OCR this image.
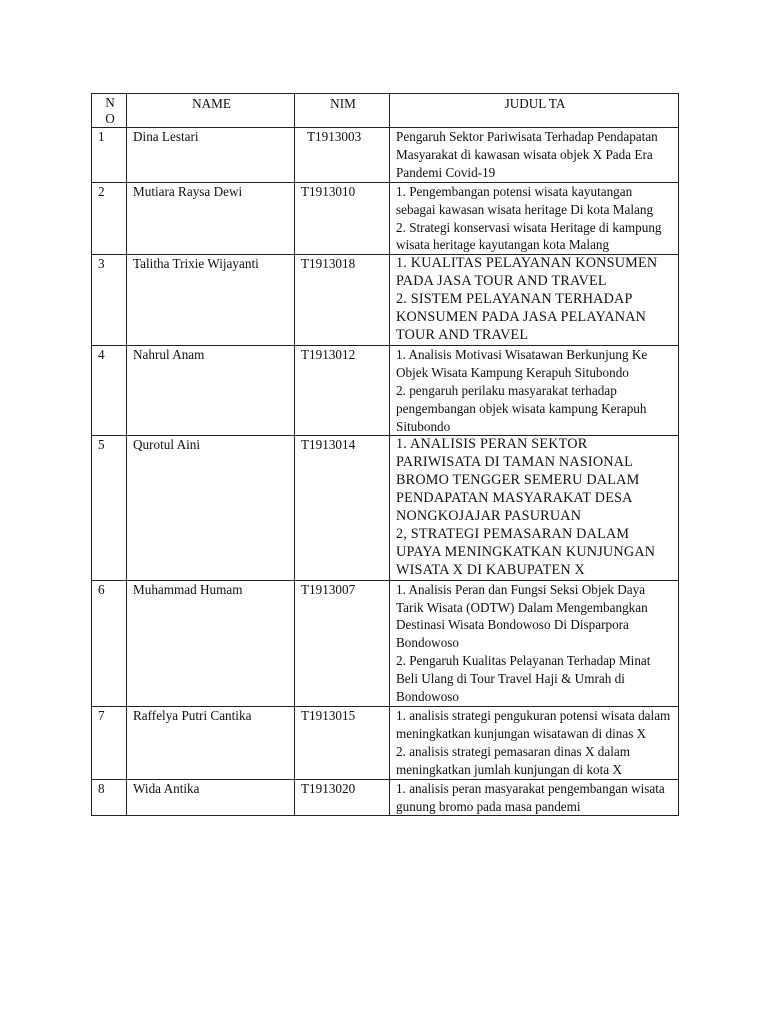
N
O	NAME	NIM	JUDUL TA
1	Dina Lestari	T1913003	Pengaruh Sektor Pariwisata Terhadap Pendapatan Masyarakat di kawasan wisata objek X Pada Era Pandemi Covid-19

2	Mutiara Raysa Dewi	T1913010	1. Pengembangan potensi wisata kayutangan sebagai kawasan wisata heritage Di kota Malang
2. Strategi konservasi wisata Heritage di kampung wisata heritage kayutangan kota Malang

3	Talitha Trixie Wijayanti	T1913018	1. KUALITAS PELAYANAN KONSUMEN PADA JASA TOUR AND TRAVEL
2. SISTEM PELAYANAN TERHADAP KONSUMEN PADA JASA PELAYANAN TOUR AND TRAVEL

4	Nahrul Anam	T1913012	1. Analisis Motivasi Wisatawan Berkunjung Ke Objek Wisata Kampung Kerapuh Situbondo
2. pengaruh perilaku masyarakat terhadap pengembangan objek wisata kampung Kerapuh Situbondo

5	Qurotul Aini	T1913014	1. ANALISIS PERAN SEKTOR PARIWISATA DI TAMAN NASIONAL BROMO TENGGER SEMERU DALAM PENDAPATAN MASYARAKAT DESA NONGKOJAJAR PASURUAN
2, STRATEGI PEMASARAN DALAM UPAYA MENINGKATKAN KUNJUNGAN WISATA X DI KABUPATEN X

6	Muhammad Humam	T1913007	1. Analisis Peran dan Fungsi Seksi Objek Daya Tarik Wisata (ODTW) Dalam Mengembangkan Destinasi Wisata Bondowoso Di Disparpora Bondowoso
2. Pengaruh Kualitas Pelayanan Terhadap Minat Beli Ulang di Tour Travel Haji & Umrah di Bondowoso

7	Raffelya Putri Cantika	T1913015	1. analisis strategi pengukuran potensi wisata dalam meningkatkan kunjungan wisatawan di dinas X
2. analisis strategi pemasaran dinas X dalam meningkatkan jumlah kunjungan di kota X

8	Wida Antika	T1913020	1. analisis peran masyarakat pengembangan wisata gunung bromo pada masa pandemi
